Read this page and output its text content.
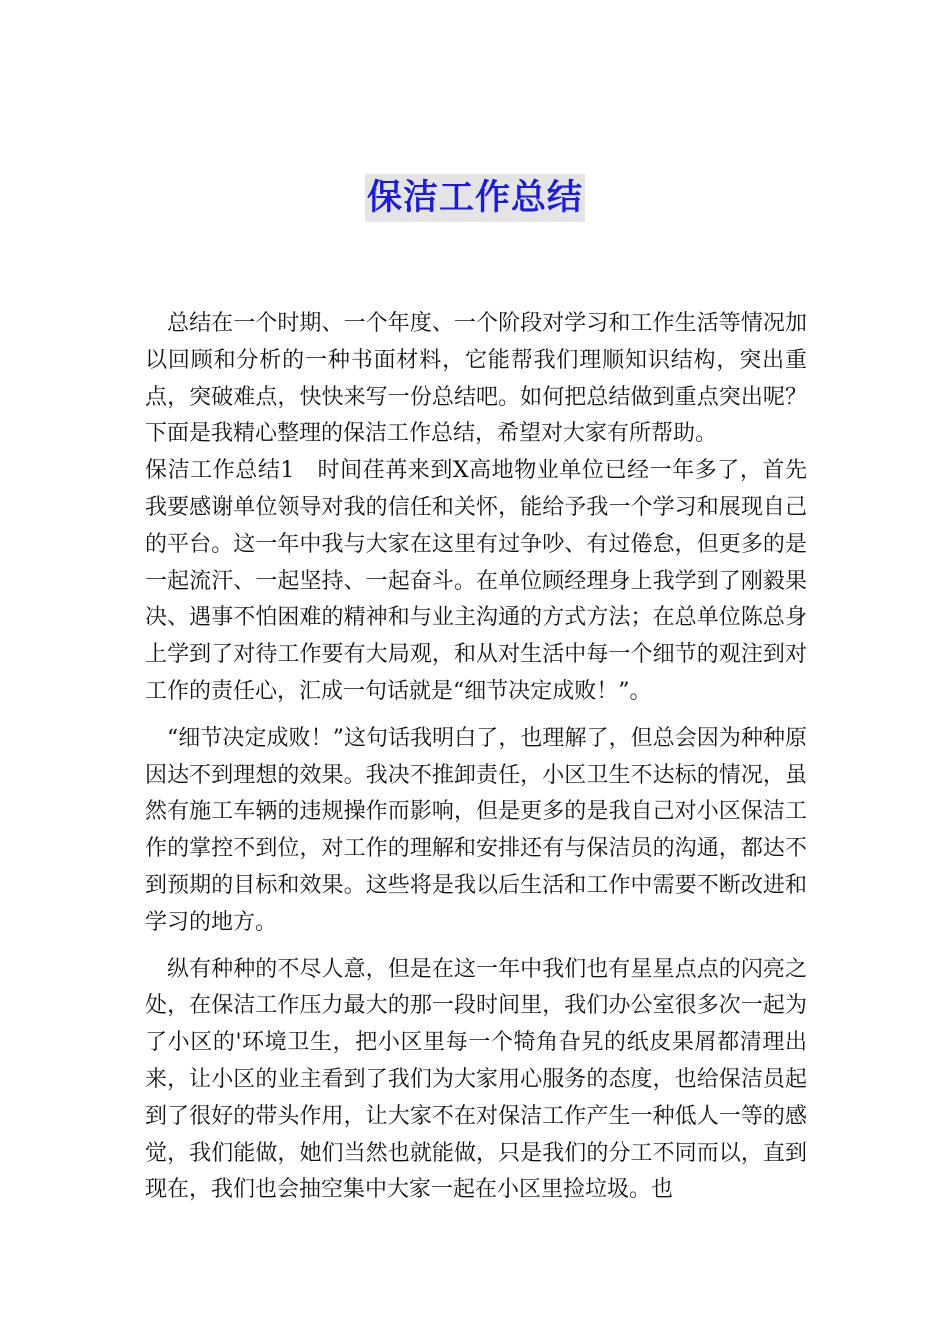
保洁工作总结

总结在一个时期、一个年度、一个阶段对学习和工作生活等情况加以回顾和分析的一种书面材料，它能帮我们理顺知识结构，突出重点，突破难点，快快来写一份总结吧。如何把总结做到重点突出呢？下面是我精心整理的保洁工作总结，希望对大家有所帮助。

保洁工作总结1　时间荏苒来到X高地物业单位已经一年多了，首先我要感谢单位领导对我的信任和关怀，能给予我一个学习和展现自己的平台。这一年中我与大家在这里有过争吵、有过倦怠，但更多的是一起流汗、一起坚持、一起奋斗。在单位顾经理身上我学到了刚毅果决、遇事不怕困难的精神和与业主沟通的方式方法；在总单位陈总身上学到了对待工作要有大局观，和从对生活中每一个细节的观注到对工作的责任心，汇成一句话就是“细节决定成败！”。

“细节决定成败！”这句话我明白了，也理解了，但总会因为种种原因达不到理想的效果。我决不推卸责任，小区卫生不达标的情况，虽然有施工车辆的违规操作而影响，但是更多的是我自己对小区保洁工作的掌控不到位，对工作的理解和安排还有与保洁员的沟通，都达不到预期的目标和效果。这些将是我以后生活和工作中需要不断改进和学习的地方。

纵有种种的不尽人意，但是在这一年中我们也有星星点点的闪亮之处，在保洁工作压力最大的那一段时间里，我们办公室很多次一起为了小区的'环境卫生，把小区里每一个犄角旮旯的纸皮果屑都清理出来，让小区的业主看到了我们为大家用心服务的态度，也给保洁员起到了很好的带头作用，让大家不在对保洁工作产生一种低人一等的感觉，我们能做，她们当然也就能做，只是我们的分工不同而以，直到现在，我们也会抽空集中大家一起在小区里捡垃圾。也
